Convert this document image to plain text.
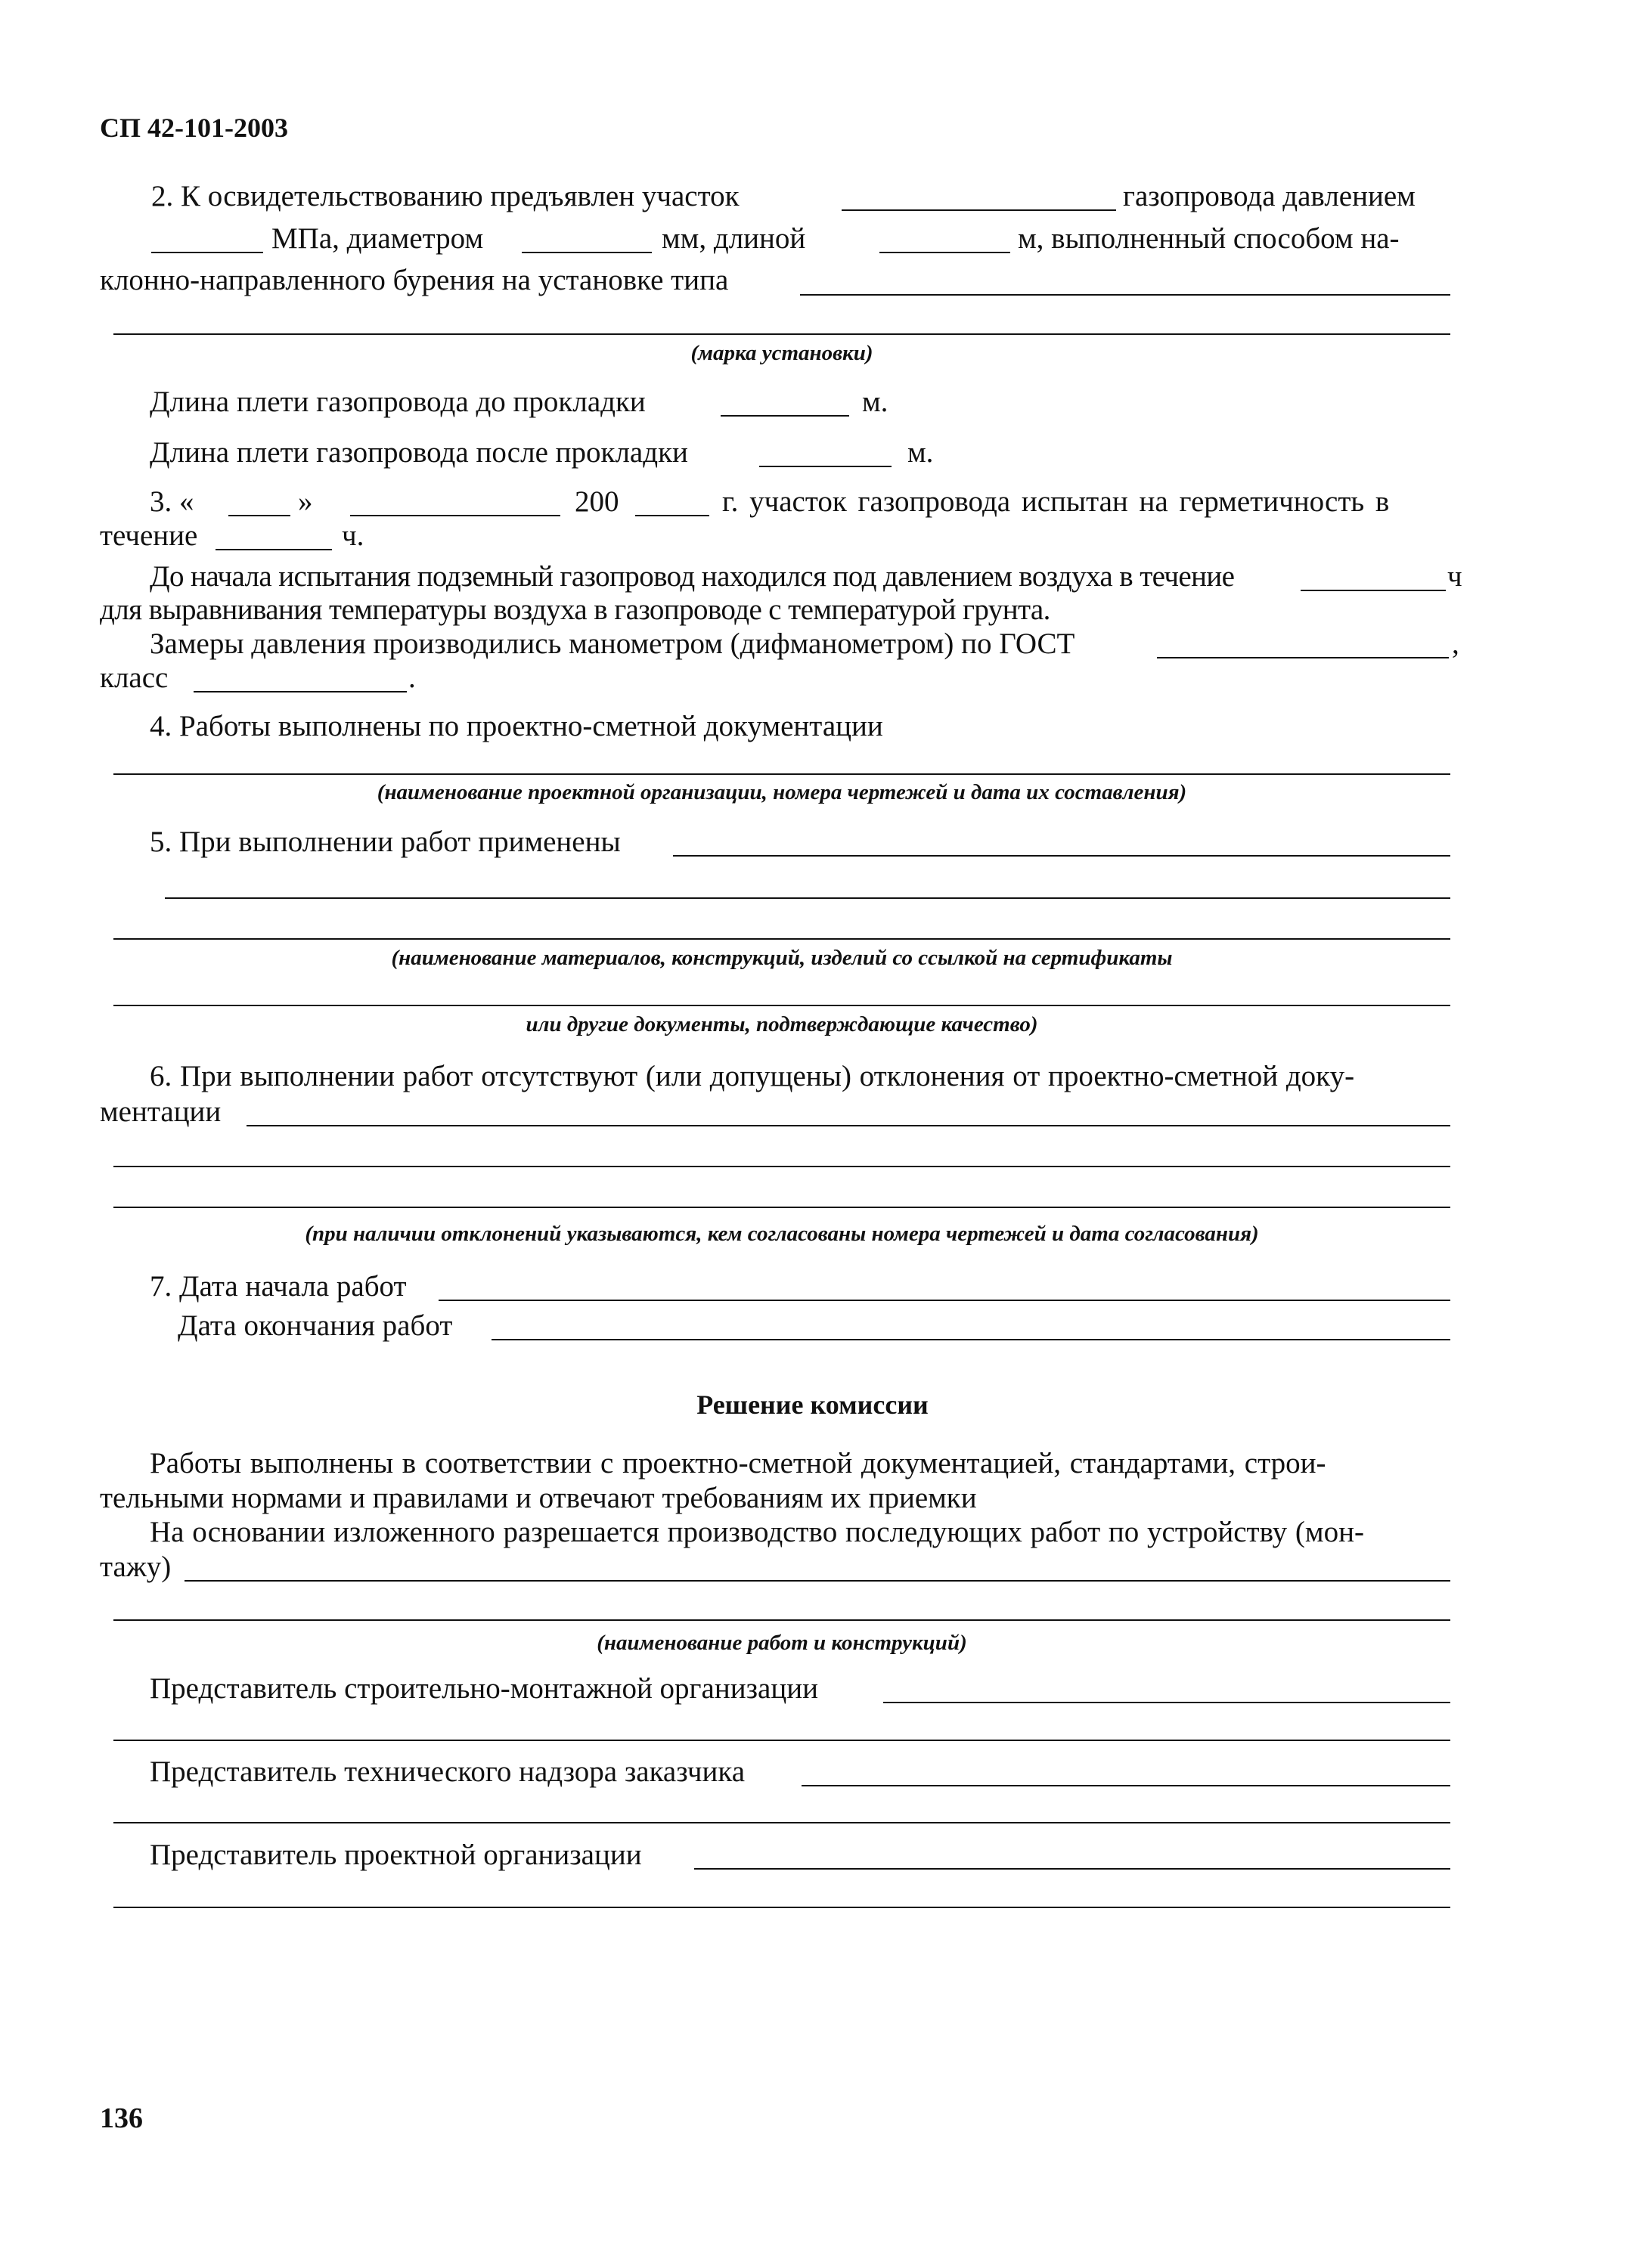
СП 42-101-2003
2. К освидетельствованию предъявлен участок	газопровода давлением
МПа, диаметром	мм, длиной	м, выполненный способом на-
клонно-направленного бурения на установке типа
(марка установки)
Длина плети газопровода до прокладки	м.
Длина плети газопровода после прокладки	м.
3. «	»	200	г. участок газопровода испытан на герметичность в
течение	ч.
До начала испытания подземный газопровод находился под давлением воздуха в течение	ч
для выравнивания температуры воздуха в газопроводе с температурой грунта.
Замеры давления производились манометром (дифманометром) по ГОСТ	,
класс	.
4. Работы выполнены по проектно-сметной документации
(наименование проектной организации, номера чертежей и дата их составления)
5. При выполнении работ применены
(наименование материалов, конструкций, изделий со ссылкой на сертификаты
или другие документы, подтверждающие качество)
6. При выполнении работ отсутствуют (или допущены) отклонения от проектно-сметной доку-
ментации
(при наличии отклонений указываются, кем согласованы номера чертежей и дата согласования)
7. Дата начала работ
Дата окончания работ
Решение комиссии
Работы выполнены в соответствии с проектно-сметной документацией, стандартами, строи-
тельными нормами и правилами и отвечают требованиям их приемки
На основании изложенного разрешается производство последующих работ по устройству (мон-
тажу)
(наименование работ и конструкций)
Представитель строительно-монтажной организации
Представитель технического надзора заказчика
Представитель проектной организации
136
